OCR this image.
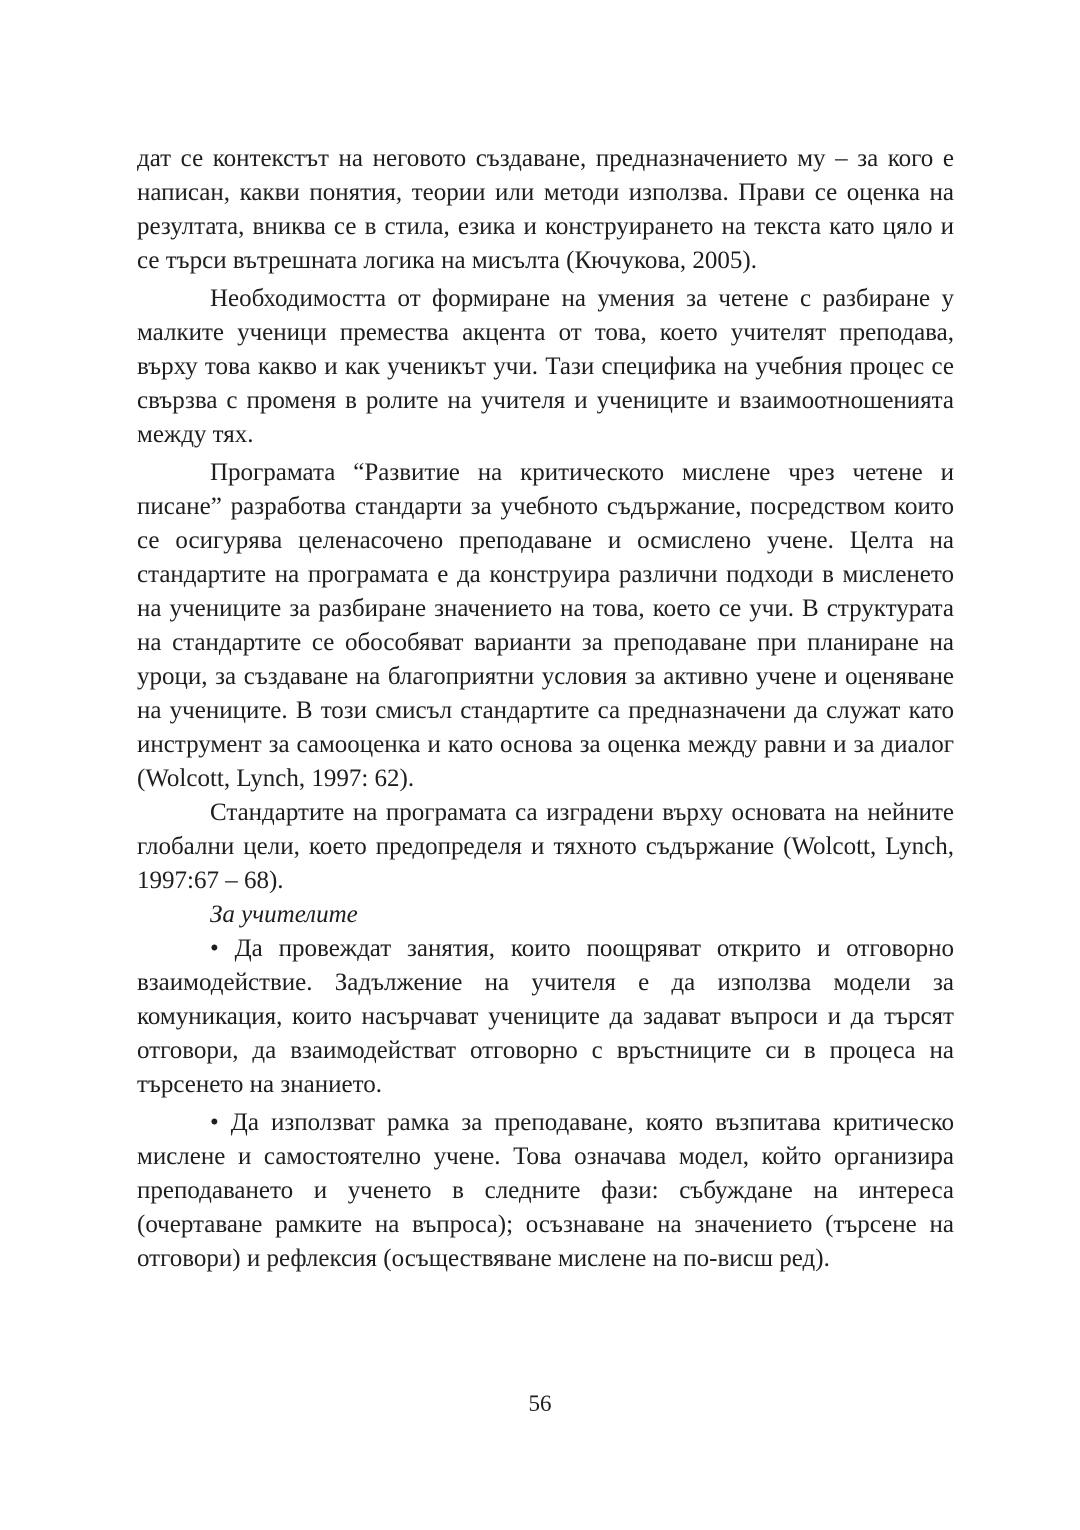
дат се контекстът на неговото създаване, предназначението му – за кого е написан, какви понятия, теории или методи използва. Прави се оценка на резултата, вниква се в стила, езика и конструирането на текста като цяло и се търси вътрешната логика на мисълта (Кючукова, 2005).

Необходимостта от формиране на умения за четене с разбиране у малките ученици премества акцента от това, което учителят преподава, върху това какво и как ученикът учи. Тази специфика на учебния процес се свързва с променя в ролите на учителя и учениците и взаимоотношенията между тях.

Програмата “Развитие на критическото мислене чрез четене и писане” разработва стандарти за учебното съдържание, посредством които се осигурява целенасочено преподаване и осмислено учене. Целта на стандартите на програмата е да конструира различни подходи в мисленето на учениците за разбиране значението на това, което се учи. В структурата на стандартите се обособяват варианти за преподаване при планиране на уроци, за създаване на благоприятни условия за активно учене и оценяване на учениците. В този смисъл стандартите са предназначени да служат като инструмент за самооценка и като основа за оценка между равни и за диалог (Wolcott, Lynch, 1997: 62).

Стандартите на програмата са изградени върху основата на нейните глобални цели, което предопределя и тяхното съдържание (Wolcott, Lynch, 1997:67 – 68).

За учителите

• Да провеждат занятия, които поощряват открито и отговорно взаимодействие. Задължение на учителя е да използва модели за комуникация, които насърчават учениците да задават въпроси и да търсят отговори, да взаимодействат отговорно с връстниците си в процеса на търсенето на знанието.

• Да използват рамка за преподаване, която възпитава критическо мислене и самостоятелно учене. Това означава модел, който организира преподаването и ученето в следните фази: събуждане на интереса (очертаване рамките на въпроса); осъзнаване на значението (търсене на отговори) и рефлексия (осъществяване мислене на по-висш ред).

56
